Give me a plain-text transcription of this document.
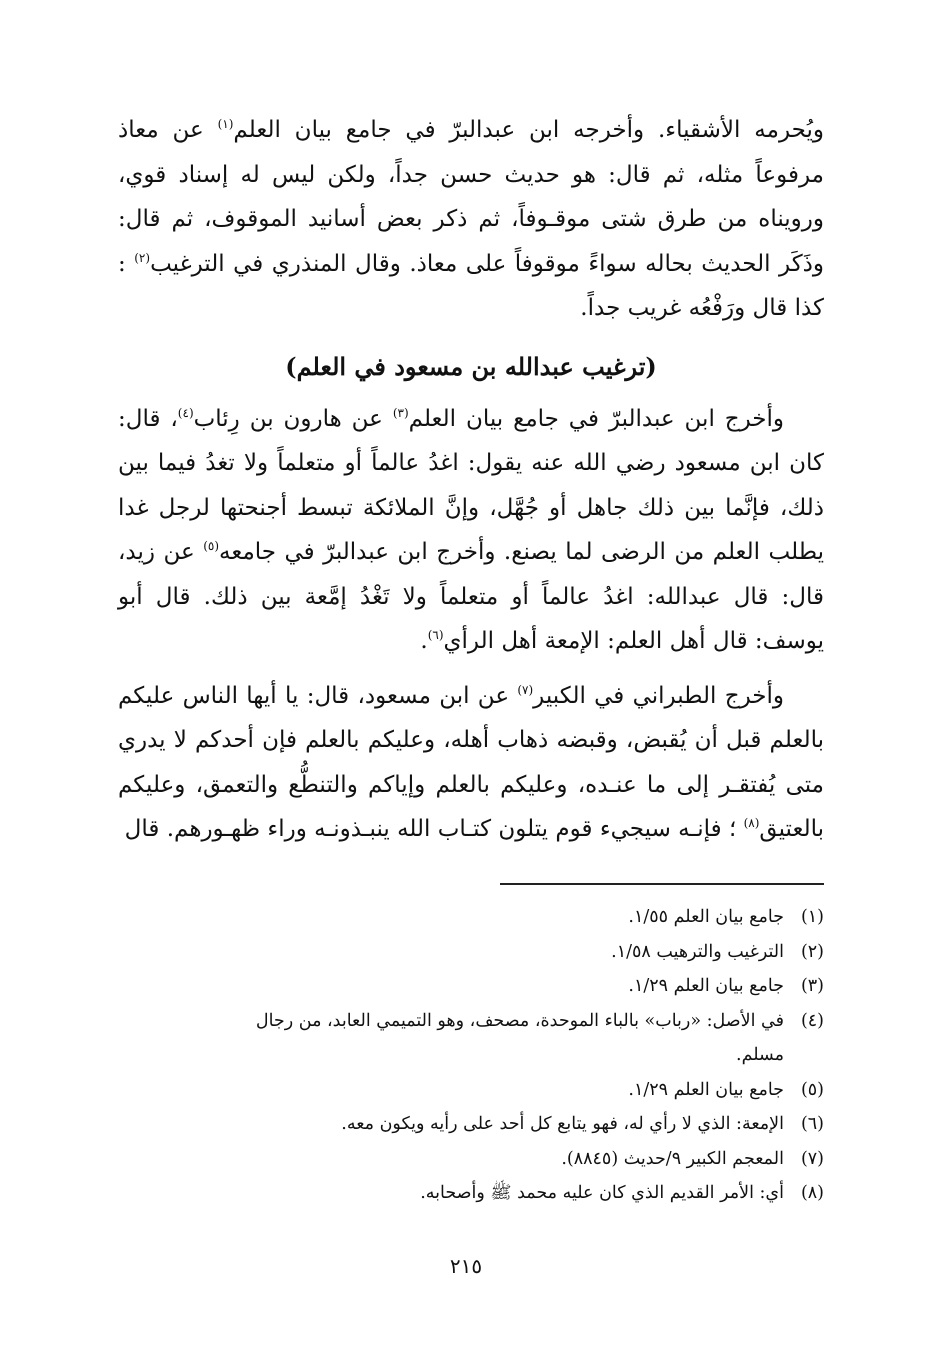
ويُحرمه الأشقياء. وأخرجه ابن عبدالبرّ في جامع بيان العلم$^{(١)}$ عن معاذ مرفوعاً مثله، ثم قال: هو حديث حسن جداً، ولكن ليس له إسناد قوي، ورويناه من طرق شتى موقـوفاً، ثم ذكر بعض أسانيد الموقوف، ثم قال: وذَكَر الحديث بحاله سواءً موقوفاً على معاذ. وقال المنذري في الترغيب$^{(٢)}$ : كذا قال ورَفْعُه غريب جداً.

(ترغيب عبدالله بن مسعود في العلم)

وأخرج ابن عبدالبرّ في جامع بيان العلم$^{(٣)}$ عن هارون بن رِئاب$^{(٤)}$، قال: كان ابن مسعود رضي الله عنه يقول: اغدُ عالماً أو متعلماً ولا تغدُ فيما بين ذلك، فإنَّما بين ذلك جاهل أو جُهَّل، وإنَّ الملائكة تبسط أجنحتها لرجل غدا يطلب العلم من الرضى لما يصنع. وأخرج ابن عبدالبرّ في جامعه$^{(٥)}$ عن زيد، قال: قال عبدالله: اغدُ عالماً أو متعلماً ولا تَغْدُ إمَّعة بين ذلك. قال أبو يوسف: قال أهل العلم: الإمعة أهل الرأي$^{(٦)}$.

وأخرج الطبراني في الكبير$^{(٧)}$ عن ابن مسعود، قال: يا أيها الناس عليكم بالعلم قبل أن يُقبض، وقبضه ذهاب أهله، وعليكم بالعلم فإن أحدكم لا يدري متى يُفتقـر إلى ما عنـده، وعليكم بالعلم وإياكم والتنطُّع والتعمق، وعليكم بالعتيق$^{(٨)}$ ؛ فإنـه سيجيء قوم يتلون كتـاب الله ينبـذونـه وراء ظهـورهم. قال

(١)
جامع بيان العلم ١/٥٥.
(٢)
الترغيب والترهيب ١/٥٨.
(٣)
جامع بيان العلم ١/٢٩.
(٤)
في الأصل: «رباب» بالباء الموحدة، مصحف، وهو التميمي العابد، من رجال
مسلم.
(٥)
جامع بيان العلم ١/٢٩.
(٦)
الإمعة: الذي لا رأي له، فهو يتابع كل أحد على رأيه ويكون معه.
(٧)
المعجم الكبير ٩/حديث (٨٨٤٥).
(٨)
أي: الأمر القديم الذي كان عليه محمد ﷺ وأصحابه.
٢١٥
